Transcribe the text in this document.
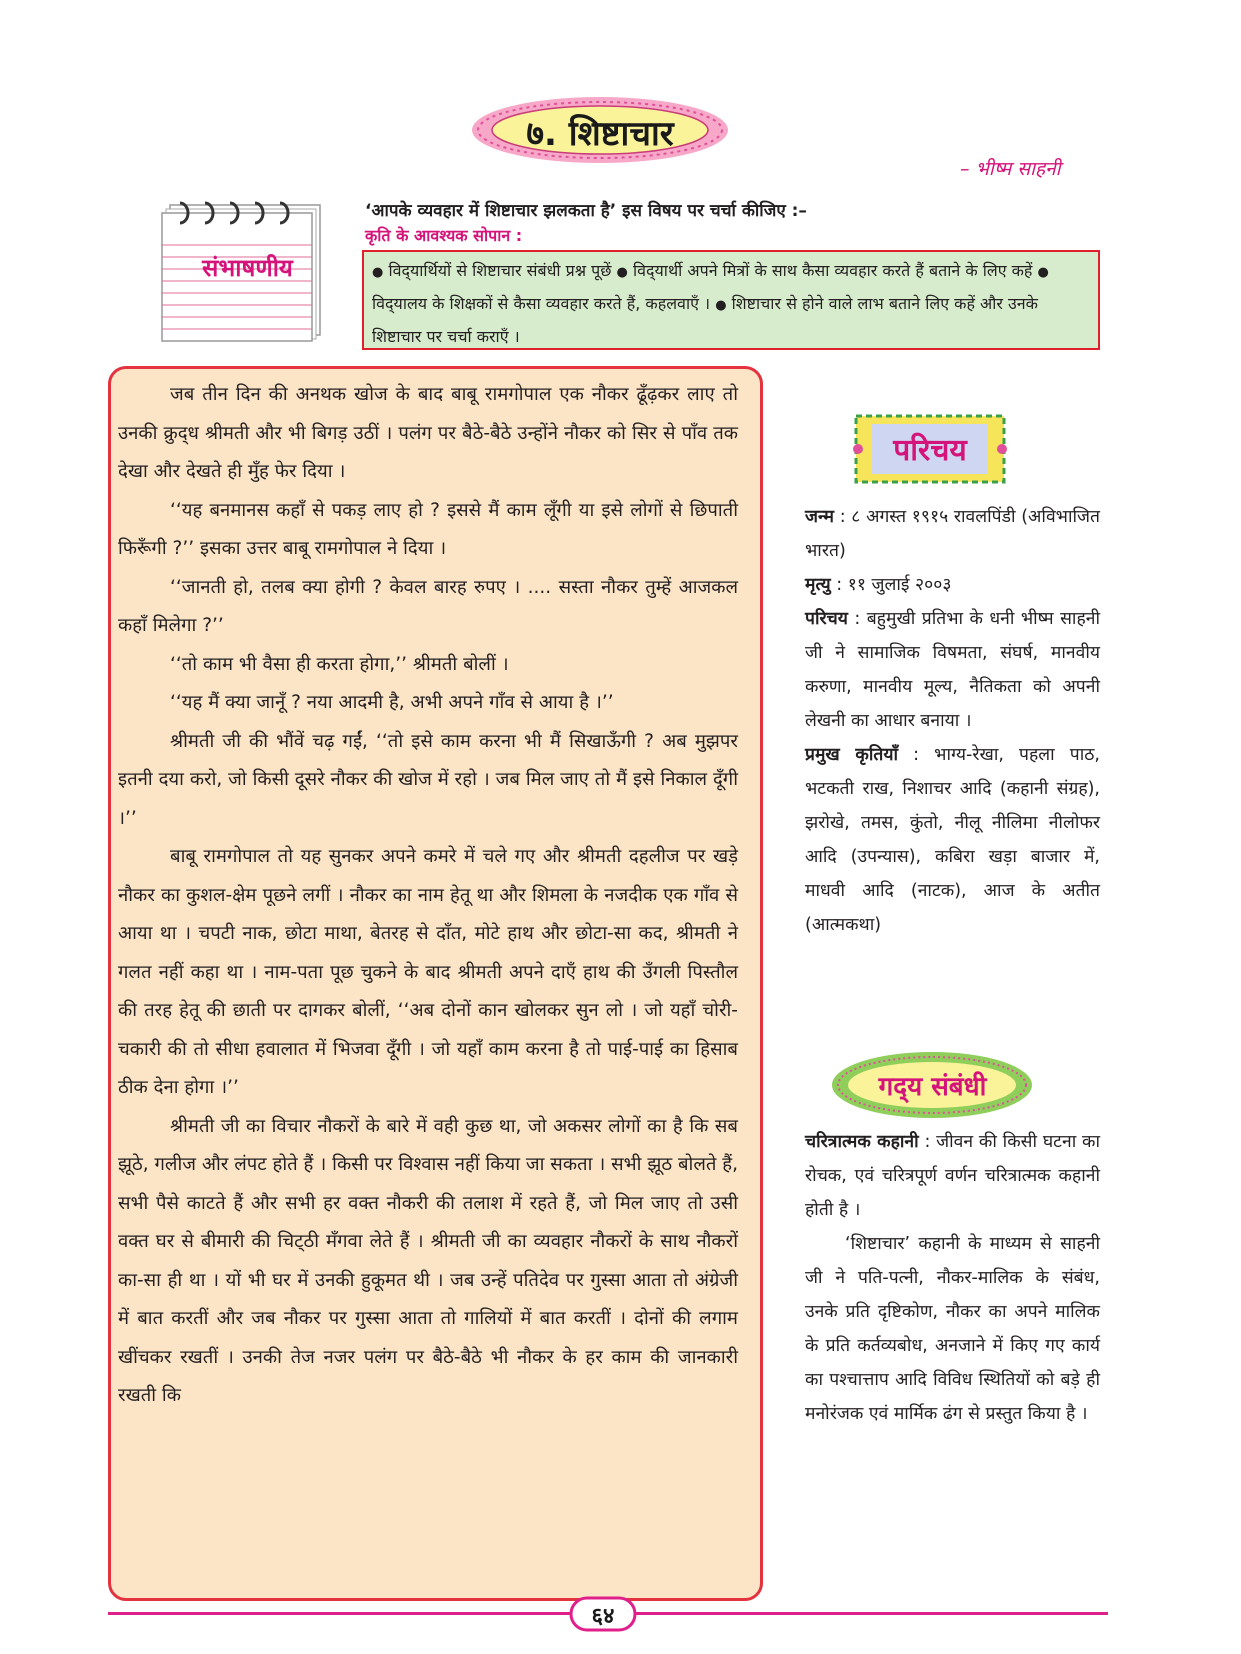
७. शिष्टाचार
– भीष्म साहनी
संभाषणीय
‘आपके व्यवहार में शिष्टाचार झलकता है’ इस विषय पर चर्चा कीजिए :–
कृति के आवश्यक सोपान :
● विद्‌यार्थियों से शिष्टाचार संबंधी प्रश्न पूछें ● विद्‌यार्थी अपने मित्रों के साथ कैसा व्यवहार करते हैं बताने के लिए कहें ● विद्‌यालय के शिक्षकों से कैसा व्यवहार करते हैं, कहलवाएँ । ● शिष्टाचार से होने वाले लाभ बताने लिए कहें और उनके शिष्टाचार पर चर्चा कराएँ ।

जब तीन दिन की अनथक खोज के बाद बाबू रामगोपाल एक नौकर ढूँढ़कर लाए तो उनकी क्रुद्‌ध श्रीमती और भी बिगड़ उठीं । पलंग पर बैठे-बैठे उन्होंने नौकर को सिर से पाँव तक देखा और देखते ही मुँह फेर दिया ।

‘‘यह बनमानस कहाँ से पकड़ लाए हो ? इससे मैं काम लूँगी या इसे लोगों से छिपाती फिरूँगी ?’’ इसका उत्तर बाबू रामगोपाल ने दिया ।

‘‘जानती हो, तलब क्या होगी ? केवल बारह रुपए । .... सस्ता नौकर तुम्हें आजकल कहाँ मिलेगा ?’’

‘‘तो काम भी वैसा ही करता होगा,’’ श्रीमती बोलीं ।

‘‘यह मैं क्या जानूँ ? नया आदमी है, अभी अपने गाँव से आया है ।’’

श्रीमती जी की भौंवें चढ़ गईं, ‘‘तो इसे काम करना भी मैं सिखाऊँगी ? अब मुझपर इतनी दया करो, जो किसी दूसरे नौकर की खोज में रहो । जब मिल जाए तो मैं इसे निकाल दूँगी ।’’

बाबू रामगोपाल तो यह सुनकर अपने कमरे में चले गए और श्रीमती दहलीज पर खड़े नौकर का कुशल-क्षेम पूछने लगीं । नौकर का नाम हेतू था और शिमला के नजदीक एक गाँव से आया था । चपटी नाक, छोटा माथा, बेतरह से दाँत, मोटे हाथ और छोटा-सा कद, श्रीमती ने गलत नहीं कहा था । नाम-पता पूछ चुकने के बाद श्रीमती अपने दाएँ हाथ की उँगली पिस्तौल की तरह हेतू की छाती पर दागकर बोलीं, ‘‘अब दोनों कान खोलकर सुन लो । जो यहाँ चोरी-चकारी की तो सीधा हवालात में भिजवा दूँगी । जो यहाँ काम करना है तो पाई-पाई का हिसाब ठीक देना होगा ।’’

श्रीमती जी का विचार नौकरों के बारे में वही कुछ था, जो अकसर लोगों का है कि सब झूठे, गलीज और लंपट होते हैं । किसी पर विश्वास नहीं किया जा सकता । सभी झूठ बोलते हैं, सभी पैसे काटते हैं और सभी हर वक्त नौकरी की तलाश में रहते हैं, जो मिल जाए तो उसी वक्त घर से बीमारी की चिट्‌ठी मँगवा लेते हैं । श्रीमती जी का व्यवहार नौकरों के साथ नौकरों का-सा ही था । यों भी घर में उनकी हुकूमत थी । जब उन्हें पतिदेव पर गुस्सा आता तो अंग्रेजी में बात करतीं और जब नौकर पर गुस्सा आता तो गालियों में बात करतीं । दोनों की लगाम खींचकर रखतीं । उनकी तेज नजर पलंग पर बैठे-बैठे भी नौकर के हर काम की जानकारी रखती कि

परिचय

जन्म : ८ अगस्त १९१५ रावलपिंडी (अविभाजित भारत)

मृत्यु : ११ जुलाई २००३

परिचय : बहुमुखी प्रतिभा के धनी भीष्म साहनी जी ने सामाजिक विषमता, संघर्ष, मानवीय करुणा, मानवीय मूल्य, नैतिकता को अपनी लेखनी का आधार बनाया ।

प्रमुख कृतियाँ : भाग्य-रेखा, पहला पाठ, भटकती राख, निशाचर आदि (कहानी संग्रह), झरोखे, तमस, कुंतो, नीलू नीलिमा नीलोफर आदि (उपन्यास), कबिरा खड़ा बाजार में, माधवी आदि (नाटक), आज के अतीत (आत्मकथा)

गद्‌य संबंधी

चरित्रात्मक कहानी : जीवन की किसी घटना का रोचक, एवं चरित्रपूर्ण वर्णन चरित्रात्मक कहानी होती है ।

‘शिष्टाचार’ कहानी के माध्यम से साहनी जी ने पति-पत्नी, नौकर-मालिक के संबंध, उनके प्रति दृष्टिकोण, नौकर का अपने मालिक के प्रति कर्तव्यबोध, अनजाने में किए गए कार्य का पश्चात्ताप आदि विविध स्थितियों को बड़े ही मनोरंजक एवं मार्मिक ढंग से प्रस्तुत किया है ।

६४
